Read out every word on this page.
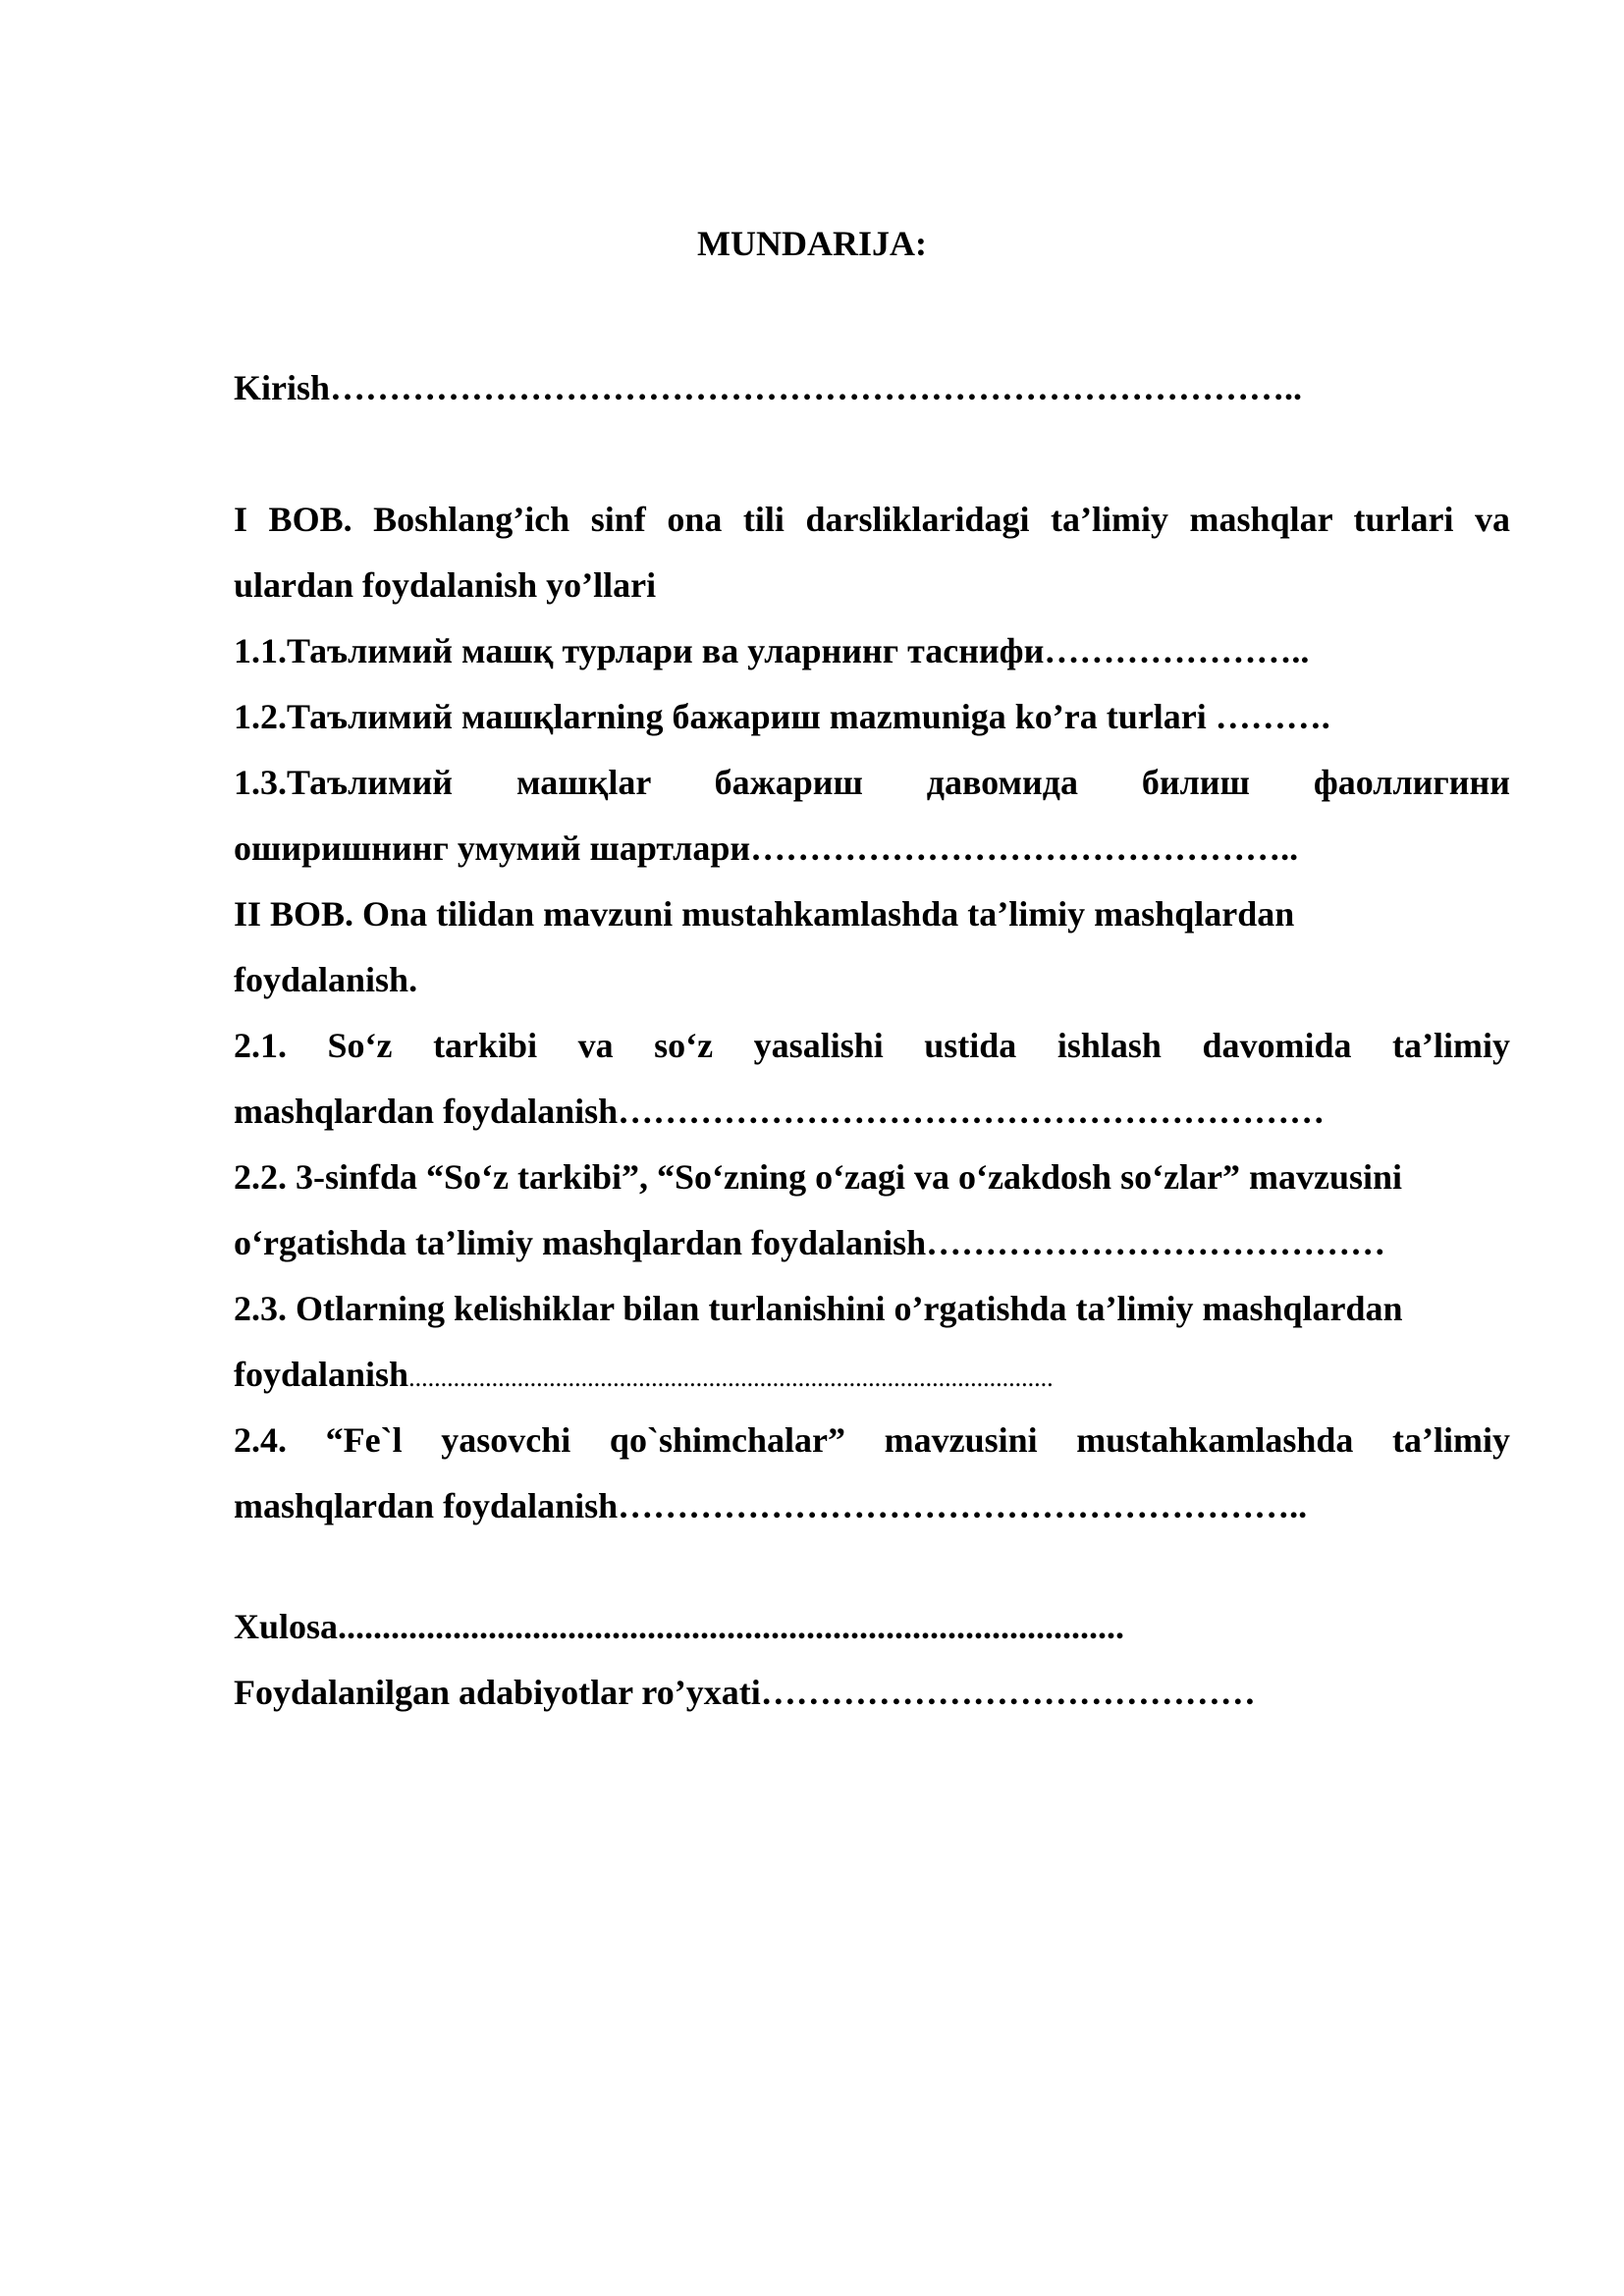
MUNDARIJA:
Kirish………………………………………………………………………..
I BOB. Boshlang’ich sinf ona tili darsliklaridagi ta’limiy mashqlar turlari va
ulardan foydalanish yo’llari
1.1.Таълимий машқ турлари ва уларнинг таснифи…………………..
1.2.Таълимий машқlarning бажариш mazmuniga ko’ra turlari ……….
1.3.Таълимий машқlar бажариш давомида билиш фаоллигини
оширишнинг умумий шартлари………………………………………..
II BOB. Ona tilidan mavzuni mustahkamlashda ta’limiy mashqlardan
foydalanish.
2.1. So‘z tarkibi va so‘z yasalishi ustida ishlash davomida ta’limiy
mashqlardan foydalanish……………………………………………………
2.2. 3-sinfda “So‘z tarkibi”, “So‘zning o‘zagi va o‘zakdosh so‘zlar” mavzusini
o‘rgatishda ta’limiy mashqlardan foydalanish…………………………………
2.3. Otlarning kelishiklar bilan turlanishini o’rgatishda ta’limiy mashqlardan
foydalanish.....................................................................................................
2.4. “Fe`l yasovchi qo`shimchalar” mavzusini mustahkamlashda ta’limiy
mashqlardan foydalanish…………………………………………………..
Xulosa.........................................................................................
Foydalanilgan adabiyotlar ro’yxati……………………………………
